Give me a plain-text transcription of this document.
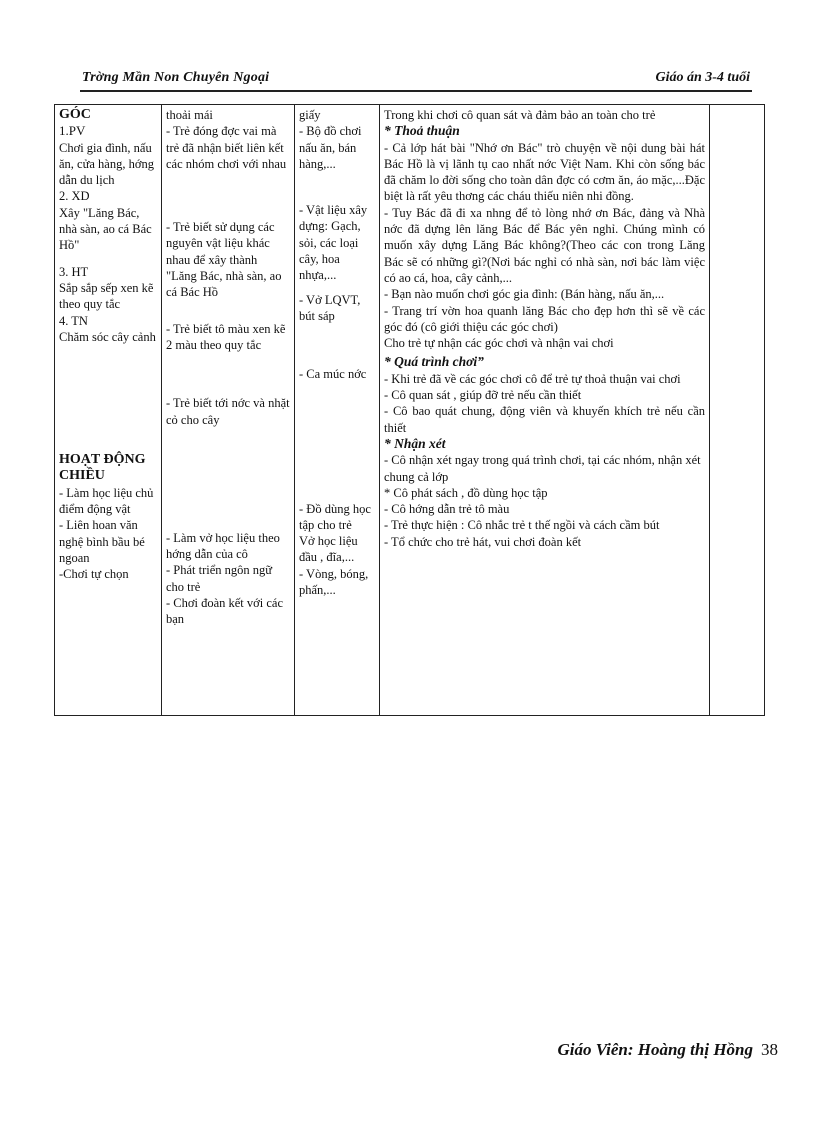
Trờng Mần Non Chuyên Ngoại	Giáo án 3-4 tuổi
GÓC
1.PV
Chơi gia đình, nấu ăn, cửa hàng, hớng dẫn du lịch
2. XD
Xây "Lăng Bác, nhà sàn, ao cá Bác Hồ"
3. HT
Sắp sắp sếp xen kẽ theo quy tắc
4. TN
Chăm sóc cây cảnh
HOẠT ĐỘNG CHIỀU
- Làm học liệu chủ điểm động vật
- Liên hoan văn nghệ bình bầu bé ngoan
-Chơi tự chọn

thoải mái
- Trẻ đóng đợc vai mà trẻ đã nhận biết liên kết các nhóm chơi với nhau
- Trẻ biết sử dụng các nguyên vật liệu khác nhau để xây thành "Lăng Bác, nhà sàn, ao cá Bác Hồ
- Trẻ biết tô màu xen kẽ 2 màu theo quy tắc
- Trẻ biết tới nớc và nhặt cỏ cho cây
- Làm vở học liệu theo hớng dẫn của cô
- Phát triển ngôn ngữ cho trẻ
- Chơi đoàn kết với các bạn

giấy
- Bộ đồ chơi nấu ăn, bán hàng,...
- Vật liệu xây dựng: Gạch, sỏi, các loại cây, hoa nhựa,...
- Vở LQVT, bút sáp
- Ca múc nớc
- Đồ dùng học tập cho trẻ
Vở học liệu
đầu , đĩa,...
- Vòng, bóng, phấn,...

Trong khi chơi cô quan sát và đảm bảo an toàn cho trẻ
* Thoả thuận
- Cả lớp hát bài "Nhớ ơn Bác" trò chuyện về nội dung bài hát Bác Hồ là vị lãnh tụ cao nhất nớc Việt Nam. Khi còn sống bác đã chăm lo đời sống cho toàn dân đợc có cơm ăn, áo mặc,...Đặc biệt là rất yêu thơng các cháu thiếu niên nhi đồng.
- Tuy Bác đã đi xa nhng để tỏ lòng nhớ ơn Bác, đảng và Nhà nớc đã dựng lên lăng Bác để Bác yên nghỉ. Chúng mình có muốn xây dựng Lăng Bác không?(Theo các con trong Lăng Bác sẽ có những gì?(Nơi bác nghỉ có nhà sàn, nơi bác làm việc có ao cá, hoa, cây cảnh,...
- Bạn nào muốn chơi góc gia đình: (Bán hàng, nấu ăn,...
- Trang trí vờn hoa quanh lăng Bác cho đẹp hơn thì sẽ về các góc đó (cô giới thiệu các góc chơi)
Cho trẻ tự nhận các góc chơi và nhận vai chơi
* Quá trình chơi”
- Khi trẻ đã về các góc chơi cô để trẻ tự thoả thuận vai chơi
- Cô quan sát , giúp đỡ trẻ nếu cần thiết
- Cô bao quát chung, động viên và khuyến khích trẻ nếu cần thiết
* Nhận xét
- Cô nhận xét ngay trong quá trình chơi, tại các nhóm, nhận xét chung cả lớp
* Cô phát sách , đồ dùng học tập
- Cô hớng dẫn trẻ tô màu
- Trẻ thực hiện : Cô nhắc trẻ t thế ngồi và cách cầm bút
- Tổ chức cho trẻ hát, vui chơi đoàn kết

Giáo Viên: Hoàng thị Hồng 38
